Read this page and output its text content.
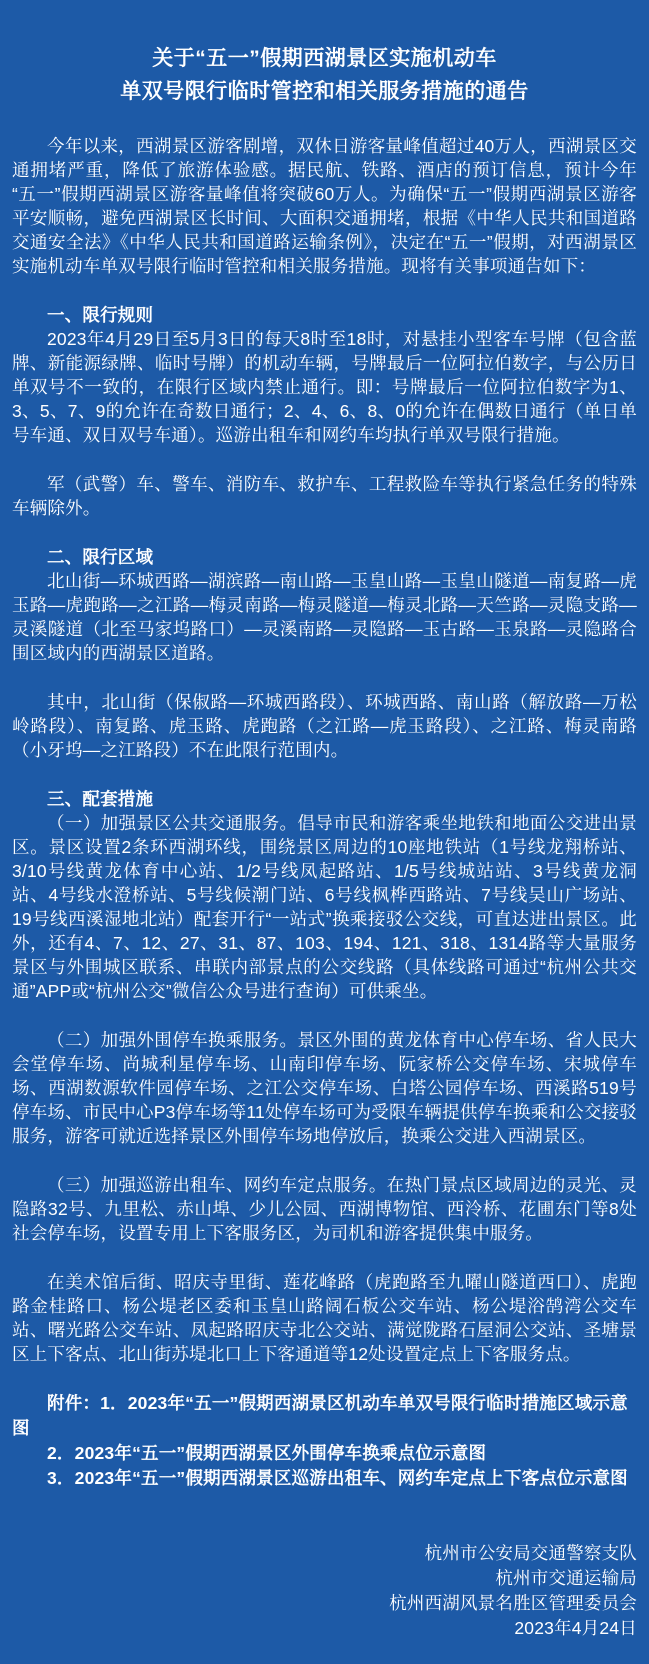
关于“五一”假期西湖景区实施机动车
单双号限行临时管控和相关服务措施的通告

今年以来，西湖景区游客剧增，双休日游客量峰值超过40万人，西湖景区交通拥堵严重，降低了旅游体验感。据民航、铁路、酒店的预订信息，预计今年“五一”假期西湖景区游客量峰值将突破60万人。为确保“五一”假期西湖景区游客平安顺畅，避免西湖景区长时间、大面积交通拥堵，根据《中华人民共和国道路交通安全法》《中华人民共和国道路运输条例》，决定在“五一”假期，对西湖景区实施机动车单双号限行临时管控和相关服务措施。现将有关事项通告如下：

一、限行规则

2023年4月29日至5月3日的每天8时至18时，对悬挂小型客车号牌（包含蓝牌、新能源绿牌、临时号牌）的机动车辆，号牌最后一位阿拉伯数字，与公历日单双号不一致的，在限行区域内禁止通行。即：号牌最后一位阿拉伯数字为1、3、5、7、9的允许在奇数日通行；2、4、6、8、0的允许在偶数日通行（单日单号车通、双日双号车通）。巡游出租车和网约车均执行单双号限行措施。

军（武警）车、警车、消防车、救护车、工程救险车等执行紧急任务的特殊车辆除外。

二、限行区域

北山街—环城西路—湖滨路—南山路—玉皇山路—玉皇山隧道—南复路—虎玉路—虎跑路—之江路—梅灵南路—梅灵隧道—梅灵北路—天竺路—灵隐支路—灵溪隧道（北至马家坞路口）—灵溪南路—灵隐路—玉古路—玉泉路—灵隐路合围区域内的西湖景区道路。

其中，北山街（保俶路—环城西路段）、环城西路、南山路（解放路—万松岭路段）、南复路、虎玉路、虎跑路（之江路—虎玉路段）、之江路、梅灵南路（小牙坞—之江路段）不在此限行范围内。

三、配套措施

（一）加强景区公共交通服务。倡导市民和游客乘坐地铁和地面公交进出景区。景区设置2条环西湖环线，围绕景区周边的10座地铁站（1号线龙翔桥站、3/10号线黄龙体育中心站、1/2号线凤起路站、1/5号线城站站、3号线黄龙洞站、4号线水澄桥站、5号线候潮门站、6号线枫桦西路站、7号线吴山广场站、19号线西溪湿地北站）配套开行“一站式”换乘接驳公交线，可直达进出景区。此外，还有4、7、12、27、31、87、103、194、121、318、1314路等大量服务景区与外围城区联系、串联内部景点的公交线路（具体线路可通过“杭州公共交通”APP或“杭州公交”微信公众号进行查询）可供乘坐。

（二）加强外围停车换乘服务。景区外围的黄龙体育中心停车场、省人民大会堂停车场、尚城利星停车场、山南印停车场、阮家桥公交停车场、宋城停车场、西湖数源软件园停车场、之江公交停车场、白塔公园停车场、西溪路519号停车场、市民中心P3停车场等11处停车场可为受限车辆提供停车换乘和公交接驳服务，游客可就近选择景区外围停车场地停放后，换乘公交进入西湖景区。

（三）加强巡游出租车、网约车定点服务。在热门景点区域周边的灵光、灵隐路32号、九里松、赤山埠、少儿公园、西湖博物馆、西泠桥、花圃东门等8处社会停车场，设置专用上下客服务区，为司机和游客提供集中服务。

在美术馆后街、昭庆寺里街、莲花峰路（虎跑路至九曜山隧道西口）、虎跑路金桂路口、杨公堤老区委和玉皇山路阔石板公交车站、杨公堤浴鹄湾公交车站、曙光路公交车站、凤起路昭庆寺北公交站、满觉陇路石屋洞公交站、圣塘景区上下客点、北山街苏堤北口上下客通道等12处设置定点上下客服务点。

附件：1．2023年“五一”假期西湖景区机动车单双号限行临时措施区域示意图

2．2023年“五一”假期西湖景区外围停车换乘点位示意图

3．2023年“五一”假期西湖景区巡游出租车、网约车定点上下客点位示意图

杭州市公安局交通警察支队

杭州市交通运输局

杭州西湖风景名胜区管理委员会

2023年4月24日
